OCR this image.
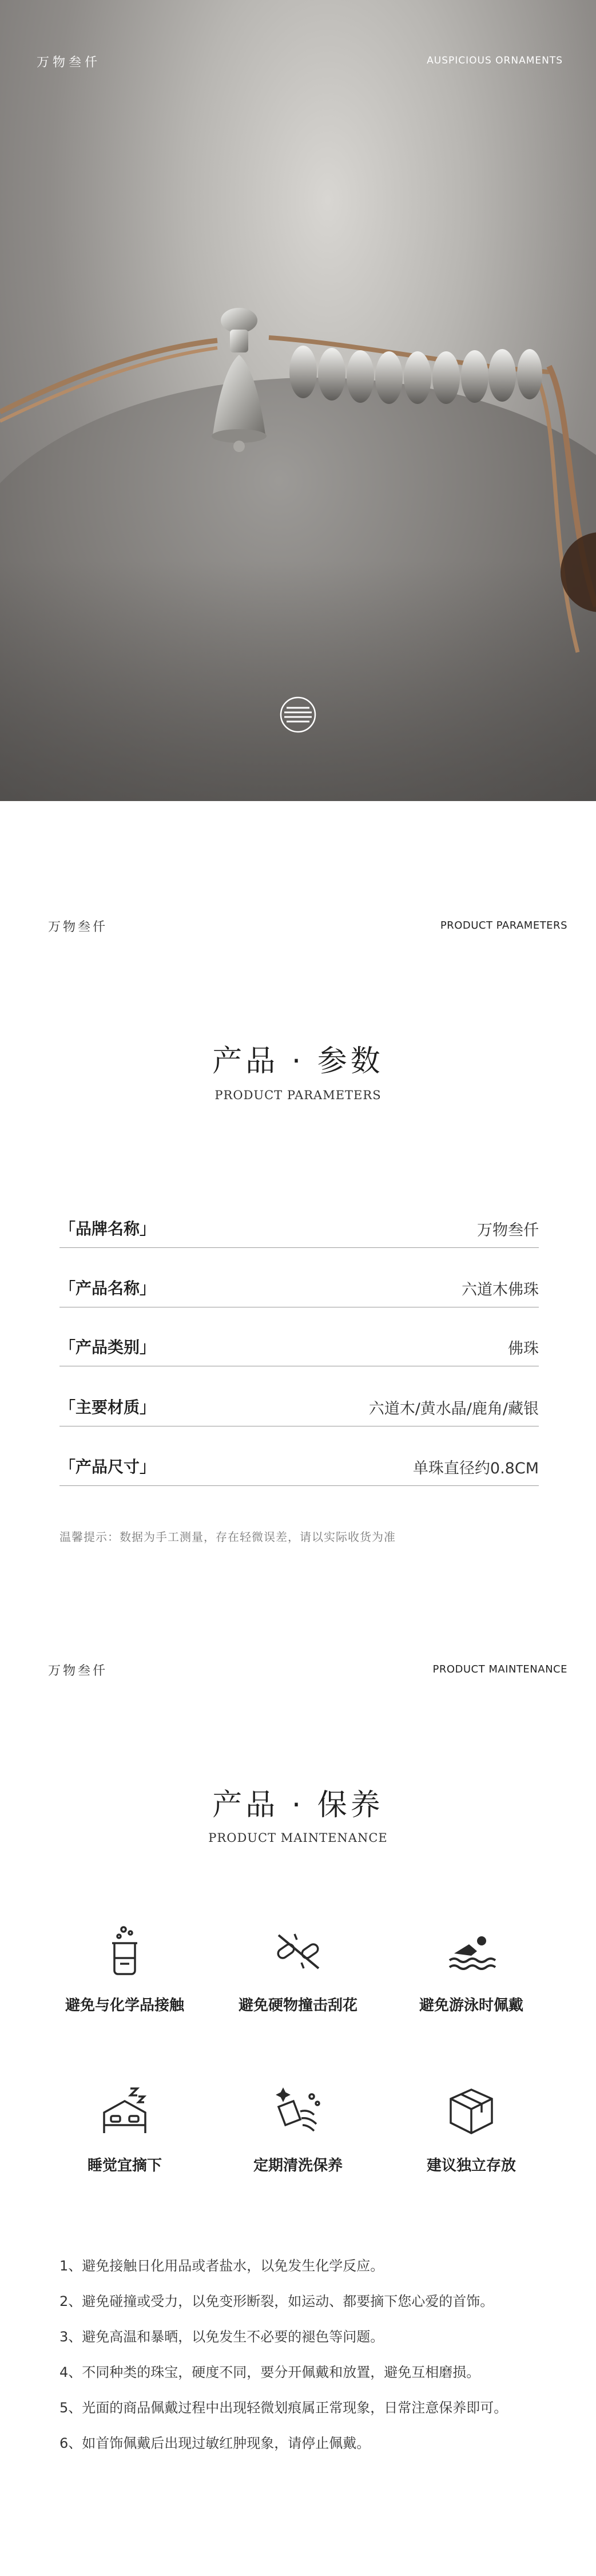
万物叁仟	AUSPICIOUS ORNAMENTS
万物叁仟	PRODUCT PARAMETERS
产品 · 参数
PRODUCT PARAMETERS
「品牌名称」	万物叁仟
「产品名称」	六道木佛珠
「产品类别」	佛珠
「主要材质」	六道木/黄水晶/鹿角/藏银
「产品尺寸」	单珠直径约0.8CM
温馨提示：数据为手工测量，存在轻微误差，请以实际收货为准
万物叁仟	PRODUCT MAINTENANCE
产品 · 保养
PRODUCT MAINTENANCE
避免与化学品接触	避免硬物撞击刮花	避免游泳时佩戴
睡觉宜摘下	定期清洗保养	建议独立存放
1、避免接触日化用品或者盐水，以免发生化学反应。
2、避免碰撞或受力，以免变形断裂，如运动、都要摘下您心爱的首饰。
3、避免高温和暴晒，以免发生不必要的褪色等问题。
4、不同种类的珠宝，硬度不同，要分开佩戴和放置，避免互相磨损。
5、光面的商品佩戴过程中出现轻微划痕属正常现象，日常注意保养即可。
6、如首饰佩戴后出现过敏红肿现象，请停止佩戴。
